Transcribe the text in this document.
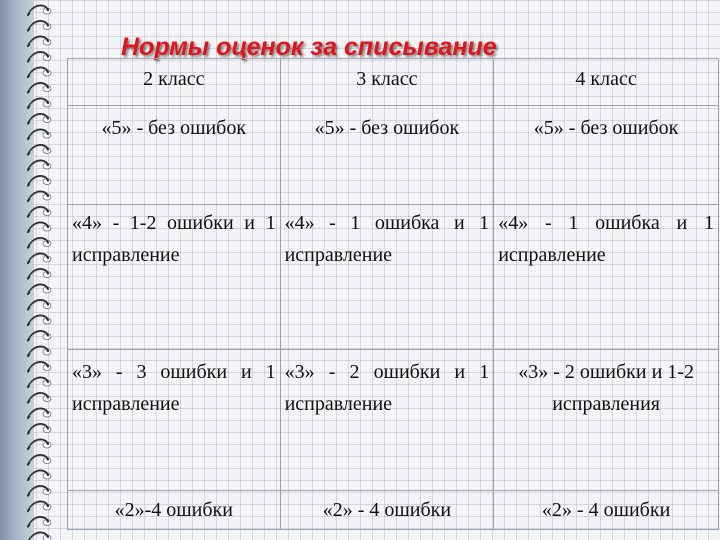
Нормы оценок за списывание
2 класс	3 класс	4 класс
«5» - без ошибок	«5» - без ошибок	«5» - без ошибок
«4» - 1-2 ошибки и 1 исправление	«4» - 1 ошибка и 1 исправление	«4» - 1 ошибка и 1 исправление
«3» - 3 ошибки и 1 исправление	«3» - 2 ошибки и 1 исправление	«3» - 2 ошибки и 1-2 исправления
«2»-4 ошибки	«2» - 4 ошибки	«2» - 4 ошибки
